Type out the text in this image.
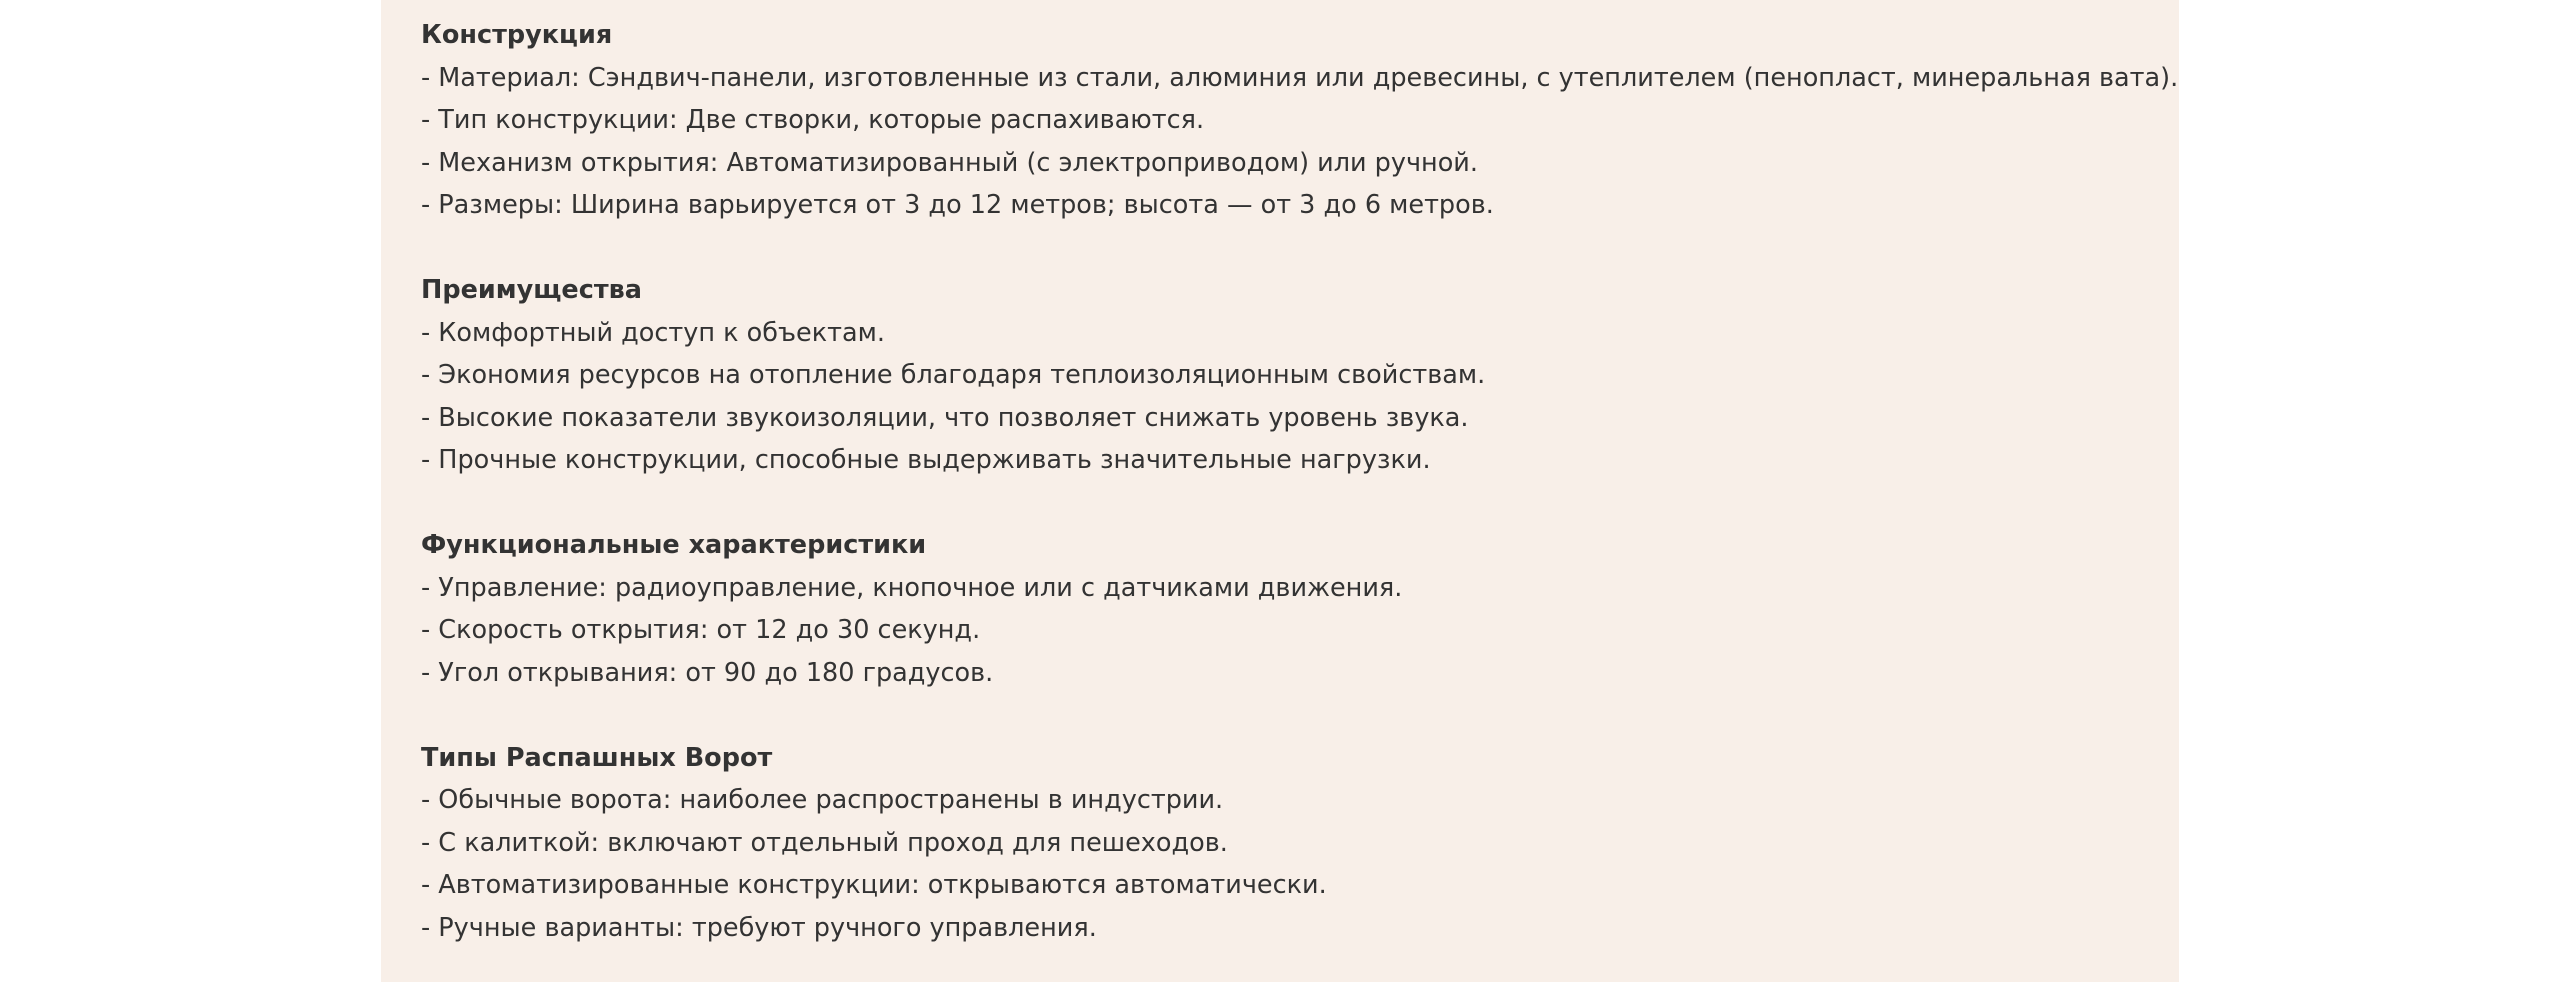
Конструкция
- Материал: Сэндвич-панели, изготовленные из стали, алюминия или древесины, с утеплителем (пенопласт, минеральная вата).
- Тип конструкции: Две створки, которые распахиваются.
- Механизм открытия: Автоматизированный (с электроприводом) или ручной.
- Размеры: Ширина варьируется от 3 до 12 метров; высота — от 3 до 6 метров.
Преимущества
- Комфортный доступ к объектам.
- Экономия ресурсов на отопление благодаря теплоизоляционным свойствам.
- Высокие показатели звукоизоляции, что позволяет снижать уровень звука.
- Прочные конструкции, способные выдерживать значительные нагрузки.
Функциональные характеристики
- Управление: радиоуправление, кнопочное или с датчиками движения.
- Скорость открытия: от 12 до 30 секунд.
- Угол открывания: от 90 до 180 градусов.
Типы Распашных Ворот
- Обычные ворота: наиболее распространены в индустрии.
- С калиткой: включают отдельный проход для пешеходов.
- Автоматизированные конструкции: открываются автоматически.
- Ручные варианты: требуют ручного управления.
